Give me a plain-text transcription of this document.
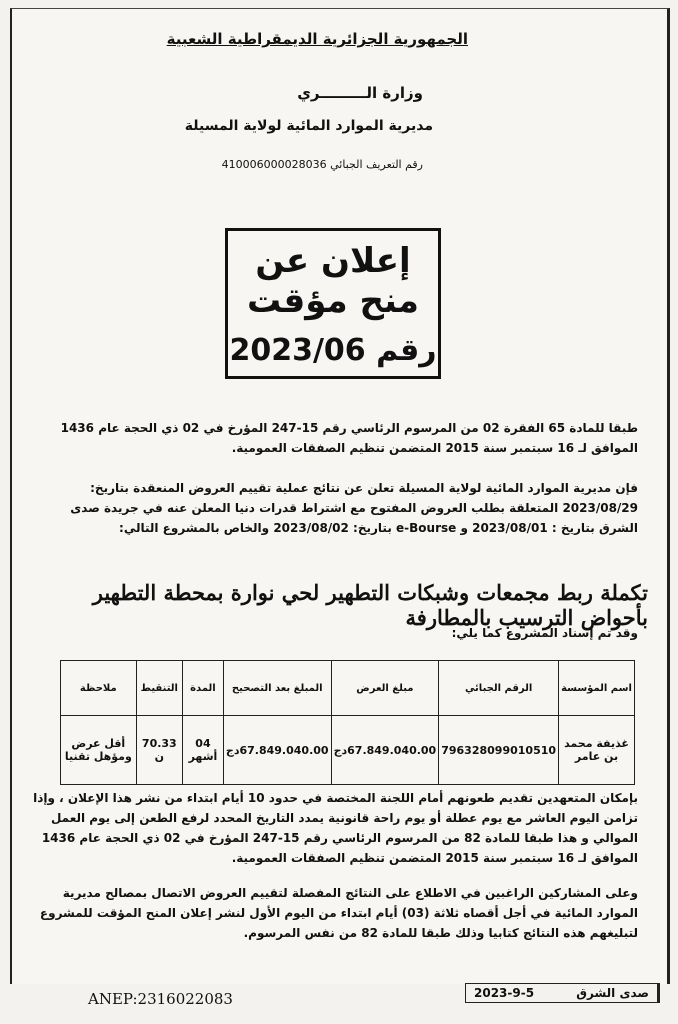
الجمهورية الجزائرية الديمقراطية الشعبية
وزارة الـــــــــري
مديرية الموارد المائية لولاية المسيلة
رقم التعريف الجبائي 410006000028036
إعلان عن منح مؤقت
رقم 2023/06
طبقا للمادة 65 الفقرة 02 من المرسوم الرئاسي رقم 15-247 المؤرخ في 02 ذي الحجة عام 1436 الموافق لـ 16 سبتمبر سنة 2015 المتضمن تنظيم الصفقات العمومية.
فإن مديرية الموارد المائية لولاية المسيلة تعلن عن نتائج عملية تقييم العروض المنعقدة بتاريخ: 2023/08/29 المتعلقة بطلب العروض المفتوح مع اشتراط قدرات دنيا المعلن عنه في جريدة صدى الشرق بتاريخ : 2023/08/01 و e-Bourse بتاريخ: 2023/08/02 والخاص بالمشروع التالي:
تكملة ربط مجمعات وشبكات التطهير لحي نوارة بمحطة التطهير بأحواض الترسيب بالمطارفة
وقد تم إسناد المشروع كما يلي:
اسم المؤسسة	الرقم الجبائي	مبلغ العرض	المبلغ بعد التصحيح	المدة	التنقيط	ملاحظة
غذيفة محمد بن عامر	796328099010510	67.849.040.00دج	67.849.040.00دج	04 أشهر	70.33 ن	أقل عرض ومؤهل تقنيا
بإمكان المتعهدين تقديم طعونهم أمام اللجنة المختصة في حدود 10 أيام ابتداء من نشر هذا الإعلان ، وإذا تزامن اليوم العاشر مع يوم عطلة أو يوم راحة قانونية يمدد التاريخ المحدد لرفع الطعن إلى يوم العمل الموالي و هذا طبقا للمادة 82 من المرسوم الرئاسي رقم 15-247 المؤرخ في 02 ذي الحجة عام 1436 الموافق لـ 16 سبتمبر سنة 2015 المتضمن تنظيم الصفقات العمومية.
وعلى المشاركين الراغبين في الاطلاع على النتائج المفصلة لتقييم العروض الاتصال بمصالح مديرية الموارد المائية في أجل أقصاه ثلاثة (03) أيام ابتداء من اليوم الأول لنشر إعلان المنح المؤقت للمشروع لتبليغهم هذه النتائج كتابيا وذلك طبقا للمادة 82 من نفس المرسوم.
ANEP:2316022083	2023-9-5	صدى الشرق
